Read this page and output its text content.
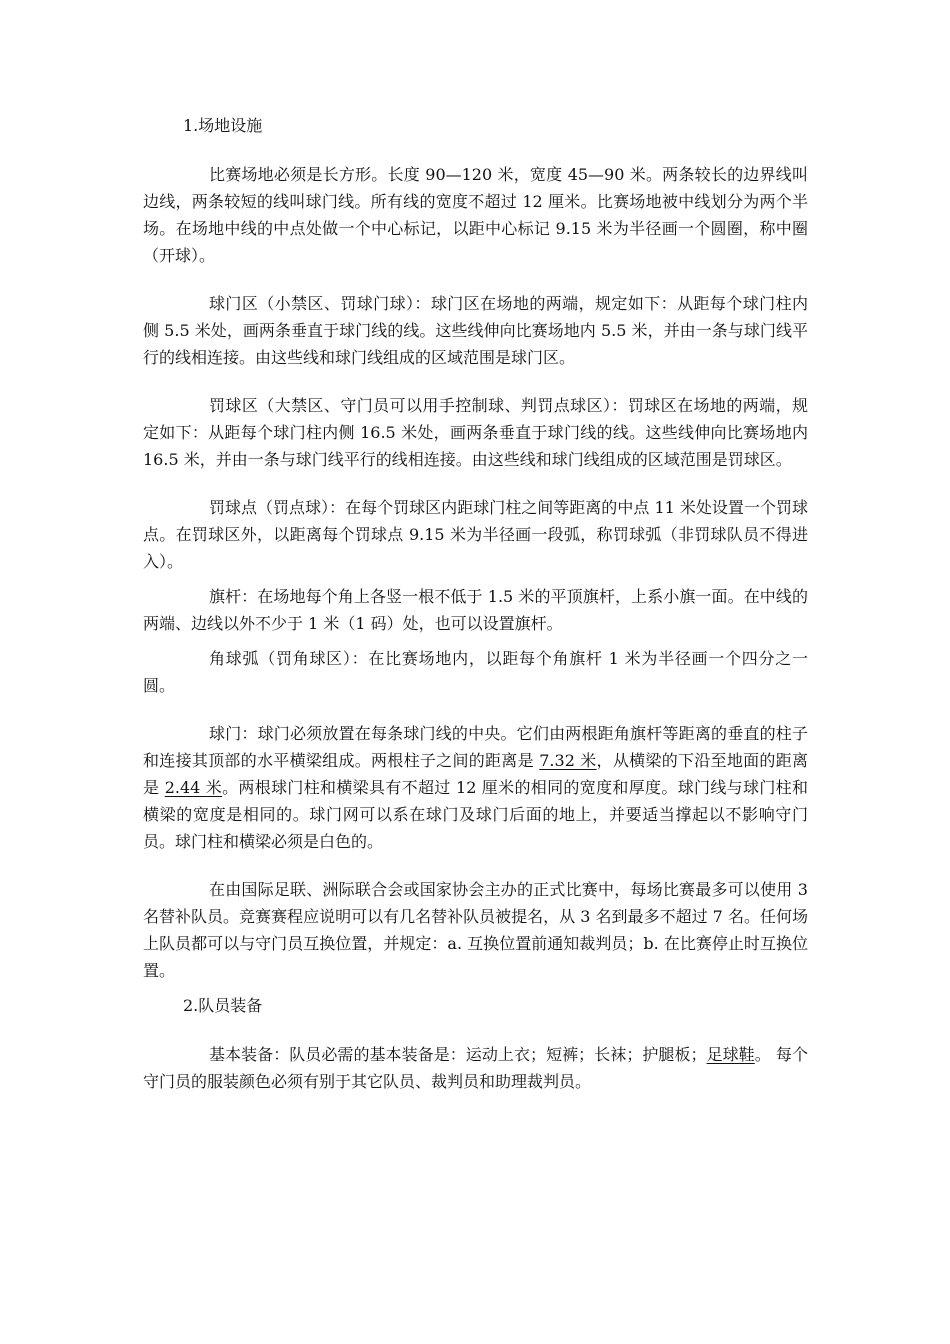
1.场地设施

比赛场地必须是长方形。长度 90—120 米，宽度 45—90 米。两条较长的边界线叫边线，两条较短的线叫球门线。所有线的宽度不超过 12 厘米。比赛场地被中线划分为两个半场。在场地中线的中点处做一个中心标记，以距中心标记 9.15 米为半径画一个圆圈，称中圈（开球）。

球门区（小禁区、罚球门球）：球门区在场地的两端，规定如下：从距每个球门柱内侧 5.5 米处，画两条垂直于球门线的线。这些线伸向比赛场地内 5.5 米，并由一条与球门线平行的线相连接。由这些线和球门线组成的区域范围是球门区。

罚球区（大禁区、守门员可以用手控制球、判罚点球区）：罚球区在场地的两端，规定如下：从距每个球门柱内侧 16.5 米处，画两条垂直于球门线的线。这些线伸向比赛场地内 16.5 米，并由一条与球门线平行的线相连接。由这些线和球门线组成的区域范围是罚球区。

罚球点（罚点球）：在每个罚球区内距球门柱之间等距离的中点 11 米处设置一个罚球点。在罚球区外，以距离每个罚球点 9.15 米为半径画一段弧，称罚球弧（非罚球队员不得进入）。

旗杆：在场地每个角上各竖一根不低于 1.5 米的平顶旗杆，上系小旗一面。在中线的两端、边线以外不少于 1 米（1 码）处，也可以设置旗杆。

角球弧（罚角球区）：在比赛场地内，以距每个角旗杆 1 米为半径画一个四分之一圆。

球门：球门必须放置在每条球门线的中央。它们由两根距角旗杆等距离的垂直的柱子和连接其顶部的水平横梁组成。两根柱子之间的距离是 7.32 米，从横梁的下沿至地面的距离是 2.44 米。两根球门柱和横梁具有不超过 12 厘米的相同的宽度和厚度。球门线与球门柱和横梁的宽度是相同的。球门网可以系在球门及球门后面的地上，并要适当撑起以不影响守门员。球门柱和横梁必须是白色的。

在由国际足联、洲际联合会或国家协会主办的正式比赛中，每场比赛最多可以使用 3 名替补队员。竞赛赛程应说明可以有几名替补队员被提名，从 3 名到最多不超过 7 名。任何场上队员都可以与守门员互换位置，并规定：a. 互换位置前通知裁判员；b. 在比赛停止时互换位置。

2.队员装备

基本装备：队员必需的基本装备是：运动上衣；短裤；长袜；护腿板；足球鞋。 每个守门员的服装颜色必须有别于其它队员、裁判员和助理裁判员。
